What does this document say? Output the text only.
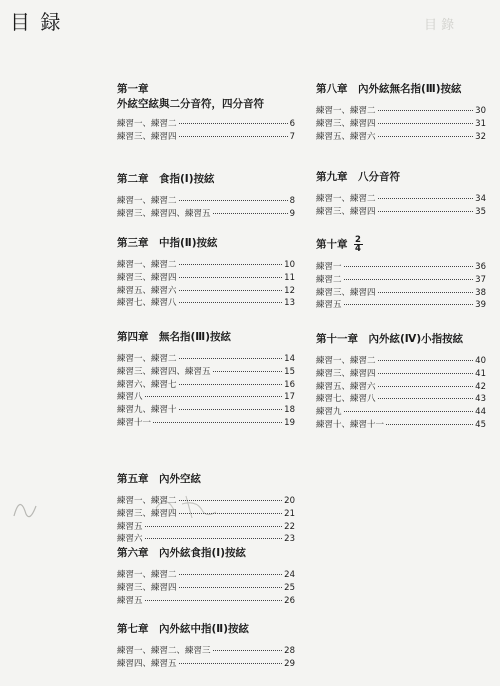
目 録	目 錄
第一章
外絃空絃與二分音符，四分音符
練習一、練習二	6
練習三、練習四	7
第二章　食指(Ⅰ)按絃
練習一、練習二	8
練習三、練習四、練習五	9
第三章　中指(Ⅱ)按絃
練習一、練習二	10
練習三、練習四	11
練習五、練習六	12
練習七、練習八	13
第四章　無名指(Ⅲ)按絃
練習一、練習二	14
練習三、練習四、練習五	15
練習六、練習七	16
練習八	17
練習九、練習十	18
練習十一	19
第五章　內外空絃
練習一、練習二	20
練習三、練習四	21
練習五	22
練習六	23
第六章　內外絃食指(Ⅰ)按絃
練習一、練習二	24
練習三、練習四	25
練習五	26
第七章　內外絃中指(Ⅱ)按絃
練習一、練習二、練習三	28
練習四、練習五	29
第八章　內外絃無名指(Ⅲ)按絃
練習一、練習二	30
練習三、練習四	31
練習五、練習六	32
第九章　八分音符
練習一、練習二	34
練習三、練習四	35
第十章 $\frac{2}{4}$
練習一	36
練習二	37
練習三、練習四	38
練習五	39
第十一章　內外絃(Ⅳ)小指按絃
練習一、練習二	40
練習三、練習四	41
練習五、練習六	42
練習七、練習八	43
練習九	44
練習十、練習十一	45
